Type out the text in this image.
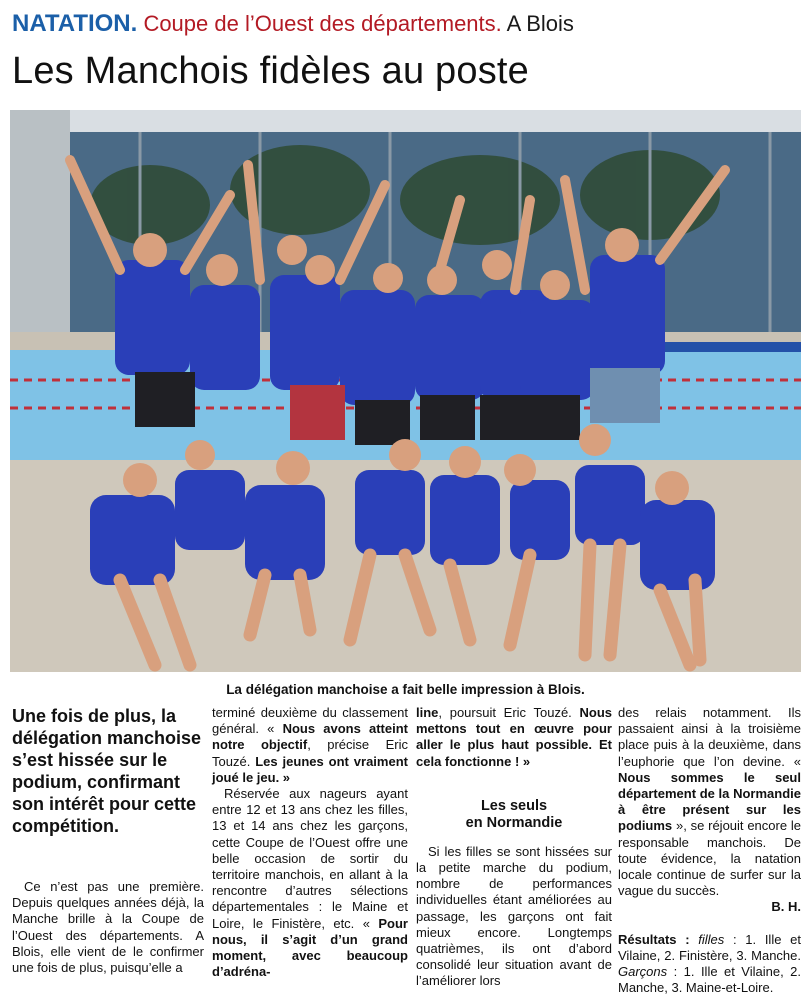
NATATION. Coupe de l’Ouest des départements. A Blois
Les Manchois fidèles au poste
La délégation manchoise a fait belle impression à Blois.

Une fois de plus, la délégation manchoise s’est hissée sur le podium, confirmant son intérêt pour cette compétition.

Ce n’est pas une première. Depuis quelques années déjà, la Manche brille à la Coupe de l’Ouest des départements. A Blois, elle vient de le confirmer une fois de plus, puisqu’elle a

terminé deuxième du classement général. « Nous avons atteint notre objectif, précise Eric Touzé. Les jeunes ont vraiment joué le jeu. »

Réservée aux nageurs ayant entre 12 et 13 ans chez les filles, 13 et 14 ans chez les garçons, cette Coupe de l’Ouest offre une belle occasion de sortir du territoire manchois, en allant à la rencontre d’autres sélections départementales : le Maine et Loire, le Finistère, etc. « Pour nous, il s’agit d’un grand moment, avec beaucoup d’adréna-

line, poursuit Eric Touzé. Nous mettons tout en œuvre pour aller le plus haut possible. Et cela fonctionne ! »

Les seuls
en Normandie

Si les filles se sont hissées sur la petite marche du podium, nombre de performances individuelles étant améliorées au passage, les garçons ont fait mieux encore. Longtemps quatrièmes, ils ont d’abord consolidé leur situation avant de l’améliorer lors

des relais notamment. Ils passaient ainsi à la troisième place puis à la deuxième, dans l’euphorie que l’on devine. « Nous sommes le seul département de la Normandie à être présent sur les podiums », se réjouit encore le responsable manchois. De toute évidence, la natation locale continue de surfer sur la vague du succès.

B. H.

Résultats : filles : 1. Ille et Vilaine, 2. Finistère, 3. Manche. Garçons : 1. Ille et Vilaine, 2. Manche, 3. Maine-et-Loire.
